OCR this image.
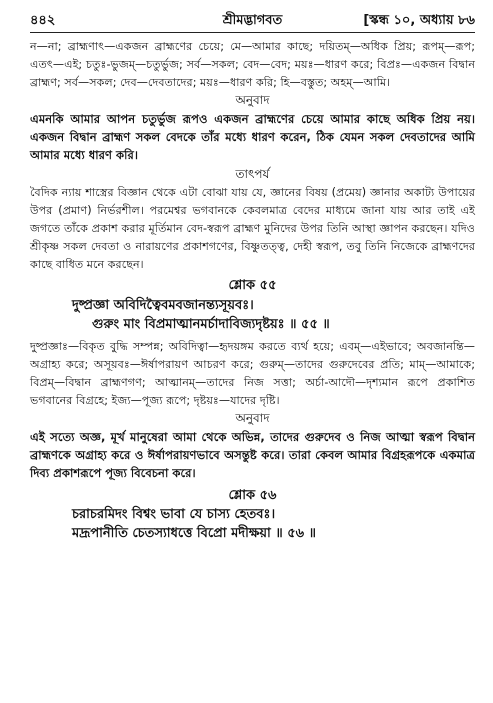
৪৪২	শ্রীমদ্ভাগবত	[স্কন্ধ ১০, অধ্যায় ৮৬

ন—না; ব্রাহ্মণাৎ—একজন ব্রাহ্মণের চেয়ে; মে—আমার কাছে; দয়িতম্—অধিক প্রিয়; রূপম্—রূপ; এতৎ—এই; চতুঃ-ভুজম্—চতুর্ভুজ; সর্ব—সকল; বেদ—বেদ; ময়ঃ—ধারণ করে; বিপ্রঃ—একজন বিদ্বান ব্রাহ্মণ; সর্ব—সকল; দেব—দেবতাদের; ময়ঃ—ধারণ করি; হি—বস্তুত; অহম্—আমি।

অনুবাদ

এমনকি আমার আপন চতুর্ভুজ রূপও একজন ব্রাহ্মণের চেয়ে আমার কাছে অধিক প্রিয় নয়। একজন বিদ্বান ব্রাহ্মণ সকল বেদকে তাঁর মধ্যে ধারণ করেন, ঠিক যেমন সকল দেবতাদের আমি আমার মধ্যে ধারণ করি।

তাৎপর্য

বৈদিক ন্যায় শাস্ত্রের বিজ্ঞান থেকে এটা বোঝা যায় যে, জ্ঞানের বিষয় (প্রমেয়) জ্ঞানার অকাট্য উপায়ের উপর (প্রমাণ) নির্ভরশীল। পরমেশ্বর ভগবানকে কেবলমাত্র বেদের মাধ্যমে জানা যায় আর তাই এই জগতে তাঁকে প্রকাশ করার মূর্তিমান বেদ-স্বরূপ ব্রাহ্মণ মুনিদের উপর তিনি আস্থা জ্ঞাপন করছেন। যদিও শ্রীকৃষ্ণ সকল দেবতা ও নারায়ণের প্রকাশগণের, বিষ্ণুতত্ত্ব, দেহী স্বরূপ, তবু তিনি নিজেকে ব্রাহ্মণদের কাছে বাধিত মনে করছেন।

শ্লোক ৫৫
দুষ্প্রজ্ঞা অবিদিত্বৈবমবজানন্ত্যসূয়বঃ।
গুরুং মাং বিপ্রমাত্মানমর্চাদাবিজ্যদৃষ্টয়ঃ ॥ ৫৫ ॥

দুষ্প্রজ্ঞাঃ—বিকৃত বুদ্ধি সম্পন্ন; অবিদিত্বা—হৃদয়ঙ্গম করতে ব্যর্থ হয়ে; এবম্—এইভাবে; অবজানন্তি—অগ্রাহ্য করে; অসূয়বঃ—ঈর্ষাপরায়ণ আচরণ করে; গুরুম্—তাদের গুরুদেবের প্রতি; মাম্—আমাকে; বিপ্রম্—বিদ্বান ব্রাহ্মণগণ; আত্মানম্—তাদের নিজ সত্তা; অর্চা-আদৌ—দৃশ্যমান রূপে প্রকাশিত ভগবানের বিগ্রহে; ইজ্য—পূজ্য রূপে; দৃষ্টয়ঃ—যাদের দৃষ্টি।

অনুবাদ

এই সত্যে অজ্ঞ, মূর্খ মানুষেরা আমা থেকে অভিন্ন, তাদের গুরুদেব ও নিজ আত্মা স্বরূপ বিদ্বান ব্রাহ্মণকে অগ্রাহ্য করে ও ঈর্ষাপরায়ণভাবে অসন্তুষ্ট করে। তারা কেবল আমার বিগ্রহরূপকে একমাত্র দিব্য প্রকাশরূপে পূজ্য বিবেচনা করে।

শ্লোক ৫৬
চরাচরমিদং বিশ্বং ভাবা যে চাস্য হেতবঃ।
মদ্রূপানীতি চেতস্যাধত্তে বিপ্রো মদীক্ষয়া ॥ ৫৬ ॥
